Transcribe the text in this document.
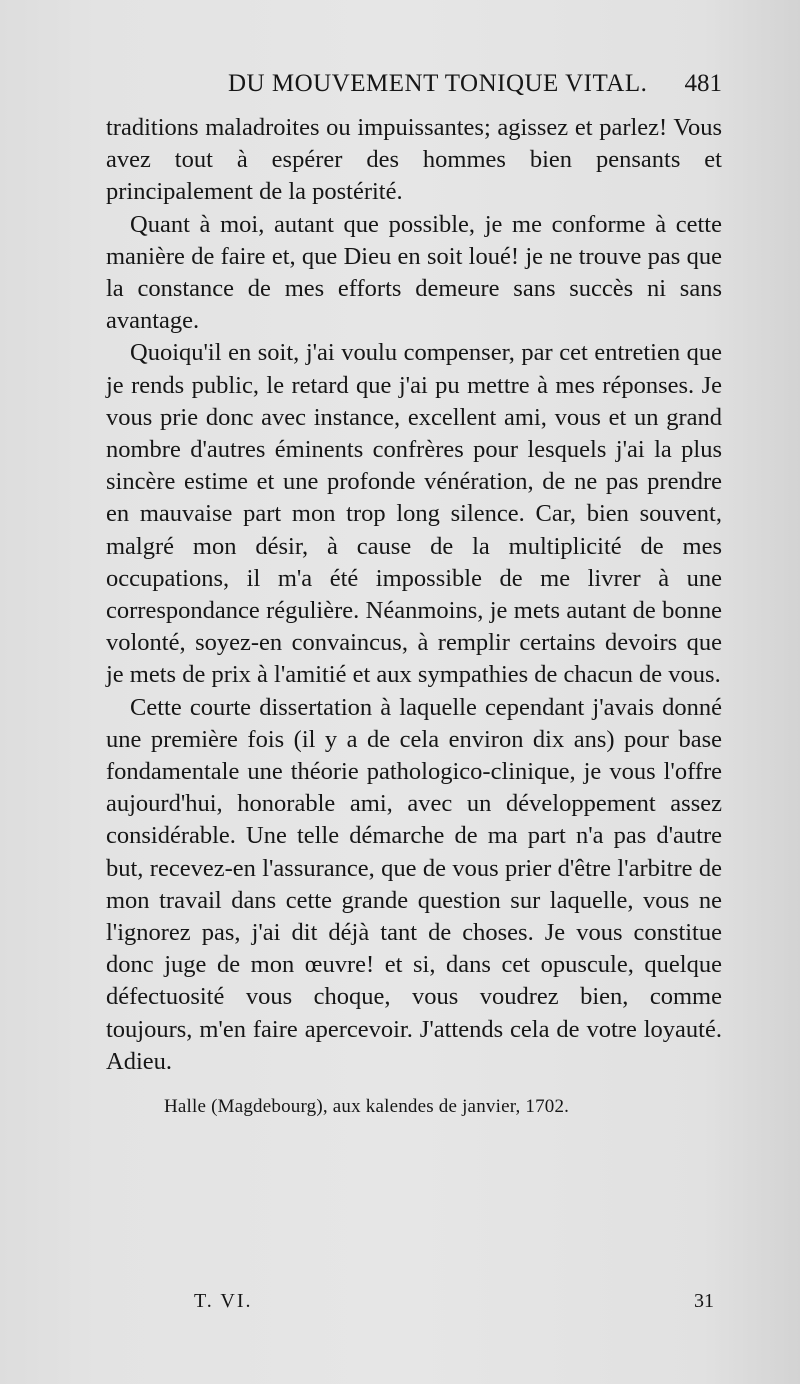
DU MOUVEMENT TONIQUE VITAL. 481

traditions maladroites ou impuissantes; agissez et parlez! Vous avez tout à espérer des hommes bien pensants et principalement de la postérité.

Quant à moi, autant que possible, je me conforme à cette manière de faire et, que Dieu en soit loué! je ne trouve pas que la constance de mes efforts demeure sans succès ni sans avantage.

Quoiqu'il en soit, j'ai voulu compenser, par cet entretien que je rends public, le retard que j'ai pu mettre à mes réponses. Je vous prie donc avec instance, excellent ami, vous et un grand nombre d'autres éminents confrères pour lesquels j'ai la plus sincère estime et une profonde vénération, de ne pas prendre en mauvaise part mon trop long silence. Car, bien souvent, malgré mon désir, à cause de la multiplicité de mes occupations, il m'a été impossible de me livrer à une correspondance régulière. Néanmoins, je mets autant de bonne volonté, soyez-en convaincus, à remplir certains devoirs que je mets de prix à l'amitié et aux sympathies de chacun de vous.

Cette courte dissertation à laquelle cependant j'avais donné une première fois (il y a de cela environ dix ans) pour base fondamentale une théorie pathologico-clinique, je vous l'offre aujourd'hui, honorable ami, avec un développement assez considérable. Une telle démarche de ma part n'a pas d'autre but, recevez-en l'assurance, que de vous prier d'être l'arbitre de mon travail dans cette grande question sur laquelle, vous ne l'ignorez pas, j'ai dit déjà tant de choses. Je vous constitue donc juge de mon œuvre! et si, dans cet opuscule, quelque défectuosité vous choque, vous voudrez bien, comme toujours, m'en faire apercevoir. J'attends cela de votre loyauté. Adieu.

Halle (Magdebourg), aux kalendes de janvier, 1702.
T. VI.	31
